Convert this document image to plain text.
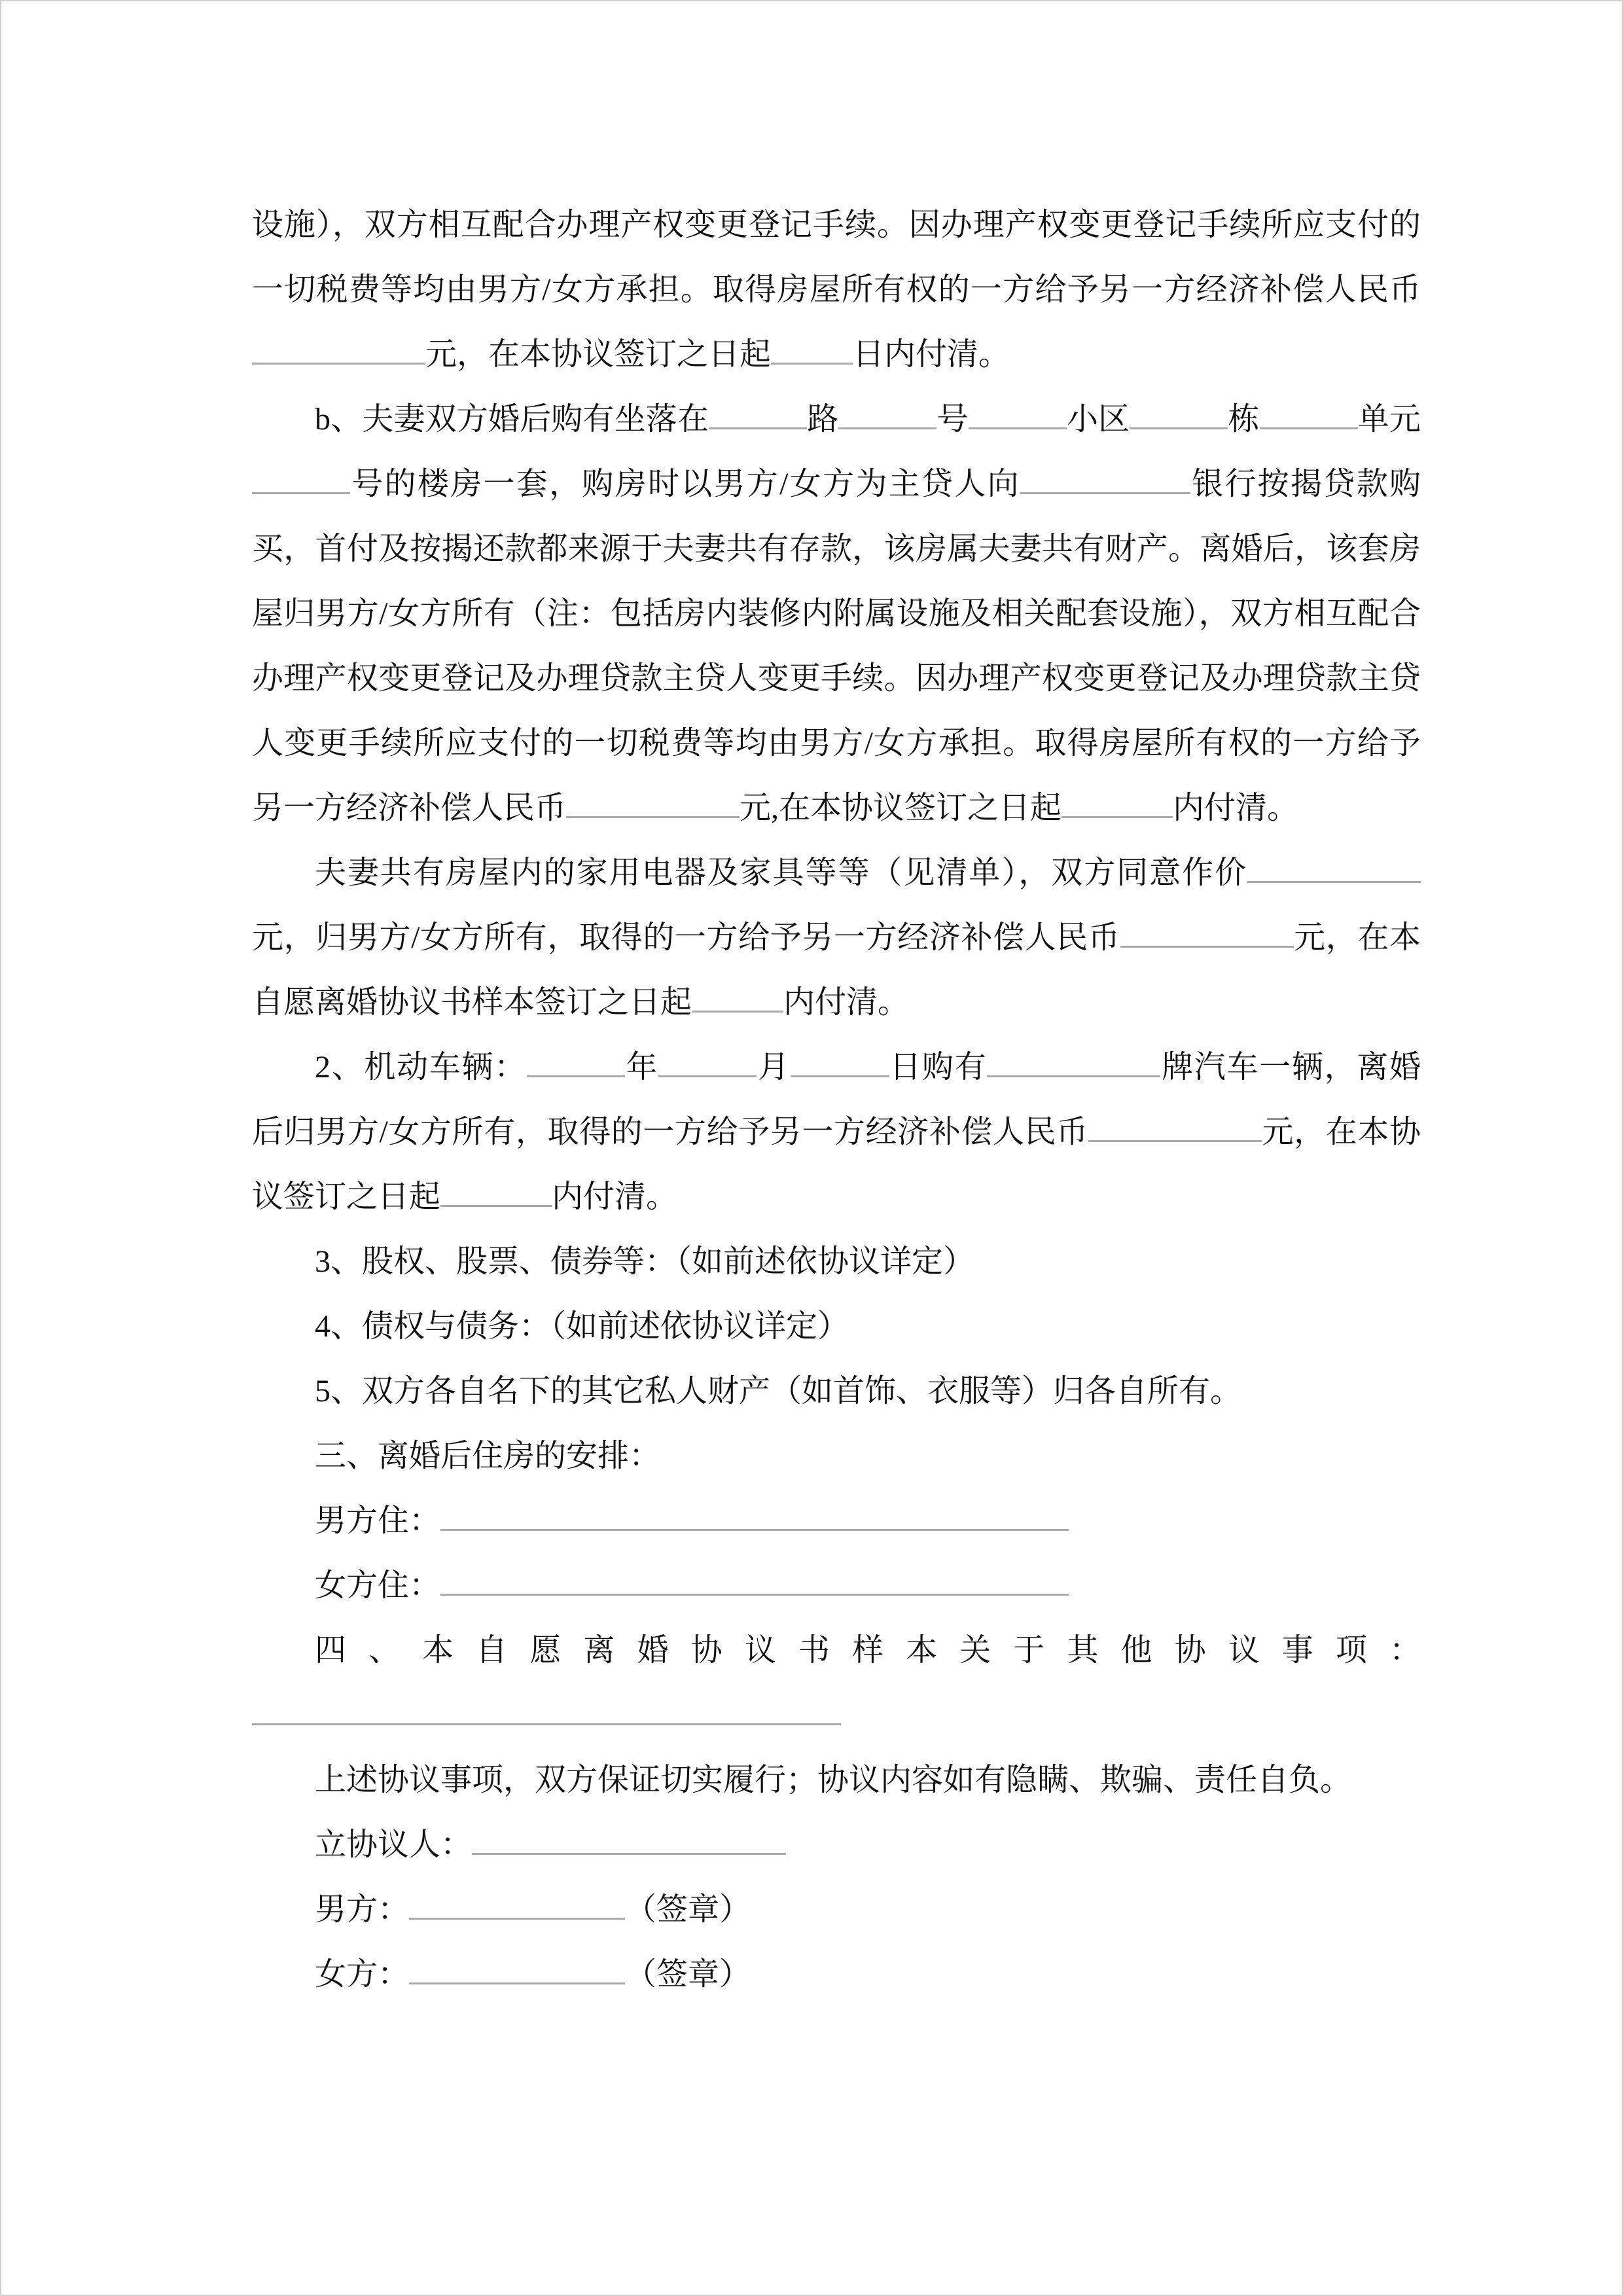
设施），双方相互配合办理产权变更登记手续。因办理产权变更登记手续所应支付的一切税费等均由男方/女方承担。取得房屋所有权的一方给予另一方经济补偿人民币元，在本协议签订之日起	日内付清。

b、夫妻双方婚后购有坐落在	路	号	小区	栋	单元号的楼房一套，购房时以男方/女方为主贷人向	银行按揭贷款购买，首付及按揭还款都来源于夫妻共有存款，该房属夫妻共有财产。离婚后，该套房屋归男方/女方所有（注：包括房内装修内附属设施及相关配套设施），双方相互配合办理产权变更登记及办理贷款主贷人变更手续。因办理产权变更登记及办理贷款主贷人变更手续所应支付的一切税费等均由男方/女方承担。取得房屋所有权的一方给予另一方经济补偿人民币	元,在本协议签订之日起	内付清。

夫妻共有房屋内的家用电器及家具等等（见清单），双方同意作价元，归男方/女方所有，取得的一方给予另一方经济补偿人民币	元，在本自愿离婚协议书样本签订之日起	内付清。

2、机动车辆：	年	月	日购有	牌汽车一辆，离婚后归男方/女方所有，取得的一方给予另一方经济补偿人民币	元，在本协议签订之日起	内付清。

3、股权、股票、债券等：（如前述依协议详定）

4、债权与债务：（如前述依协议详定）

5、双方各自名下的其它私人财产（如首饰、衣服等）归各自所有。

三、离婚后住房的安排：

男方住：

女方住：

四、本自愿离婚协议书样本关于其他协议事项：

上述协议事项，双方保证切实履行；协议内容如有隐瞒、欺骗、责任自负。

立协议人：

男方：	（签章）

女方：	（签章）
